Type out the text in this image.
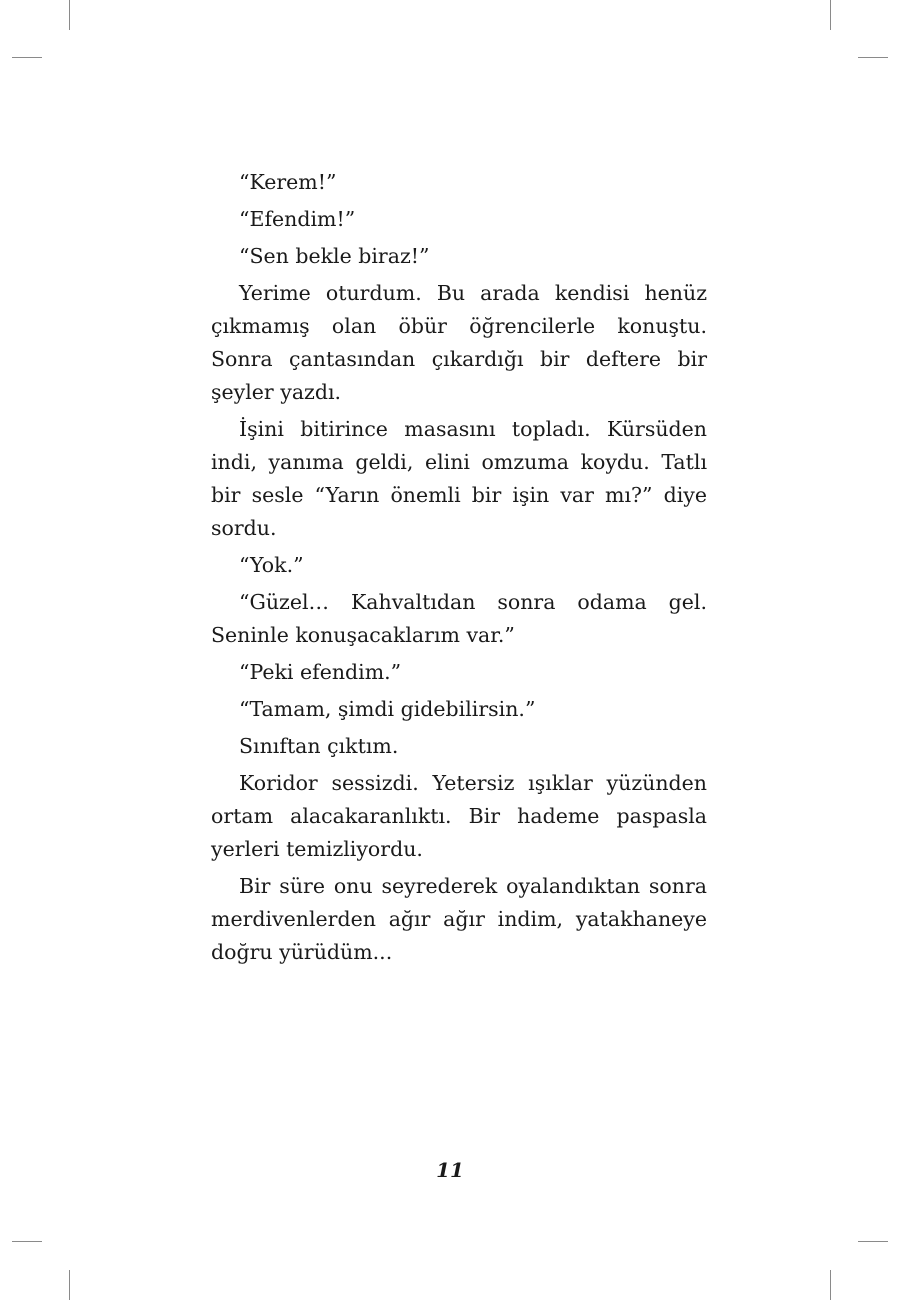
“Kerem!”

“Efendim!”

“Sen bekle biraz!”

Yerime oturdum. Bu arada kendisi henüz çıkmamış olan öbür öğrencilerle konuştu. Sonra çantasından çıkardığı bir deftere bir şeyler yazdı.

İşini bitirince masasını topladı. Kürsüden indi, yanıma geldi, elini omzuma koydu. Tatlı bir sesle “Yarın önemli bir işin var mı?” diye sordu.

“Yok.”

“Güzel… Kahvaltıdan sonra odama gel. Seninle konuşacaklarım var.”

“Peki efendim.”

“Tamam, şimdi gidebilirsin.”

Sınıftan çıktım.

Koridor sessizdi. Yetersiz ışıklar yüzünden ortam alacakaranlıktı. Bir hademe paspasla yerleri temizliyordu.

Bir süre onu seyrederek oyalandıktan sonra merdivenlerden ağır ağır indim, yatakhaneye doğru yürüdüm...

11
